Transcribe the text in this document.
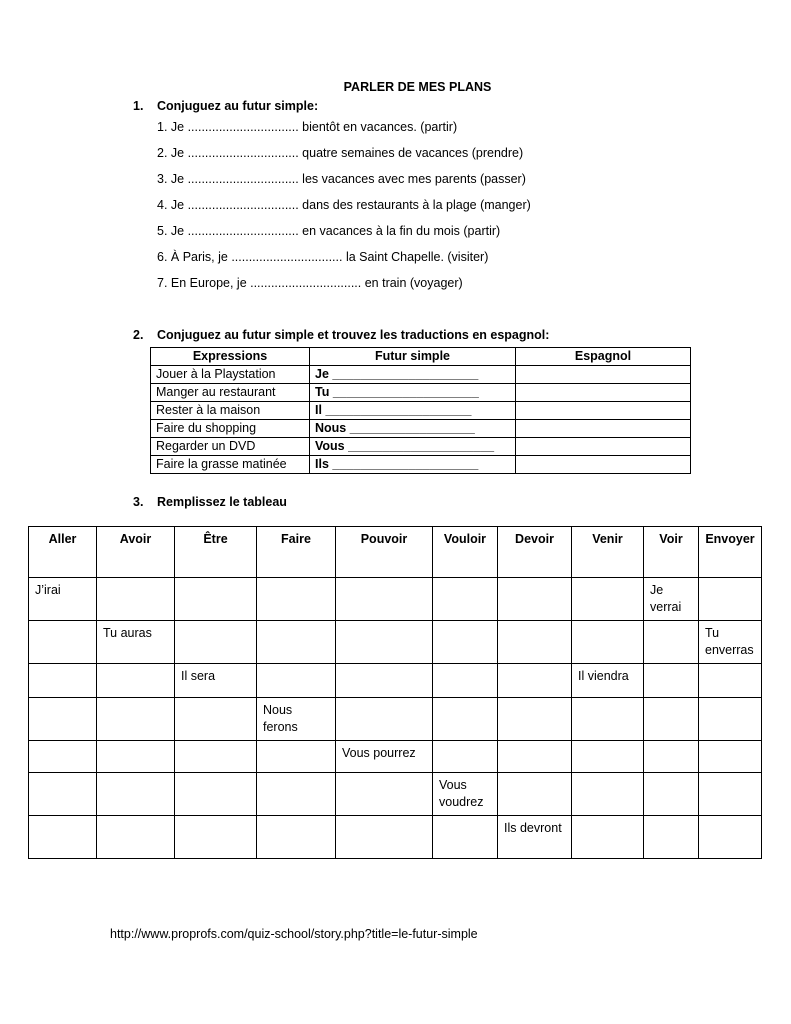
PARLER DE MES PLANS
1. Conjuguez au futur simple:
1. Je ................................ bientôt en vacances. (partir)
2. Je ................................ quatre semaines de vacances (prendre)
3. Je ................................ les vacances avec mes parents (passer)
4. Je ................................ dans des restaurants à la plage (manger)
5. Je ................................ en vacances à la fin du mois (partir)
6. À Paris, je ................................ la Saint Chapelle. (visiter)
7. En Europe, je ................................ en train (voyager)
2. Conjuguez au futur simple et trouvez les traductions en espagnol:
Expressions	Futur simple	Espagnol
Jouer à la Playstation	Je _____________________	
Manger au restaurant	Tu _____________________	
Rester à la maison	Il _____________________	
Faire du shopping	Nous __________________	
Regarder un DVD	Vous _____________________	
Faire la grasse matinée	Ils _____________________	
3. Remplissez le tableau
Aller	Avoir	Être	Faire	Pouvoir	Vouloir	Devoir	Venir	Voir	Envoyer
J’irai								Je verrai	
	Tu auras								Tu enverras
		Il sera					Il viendra		
			Nous ferons						
				Vous pourrez					
					Vous voudrez				
						Ils devront			
http://www.proprofs.com/quiz-school/story.php?title=le-futur-simple
